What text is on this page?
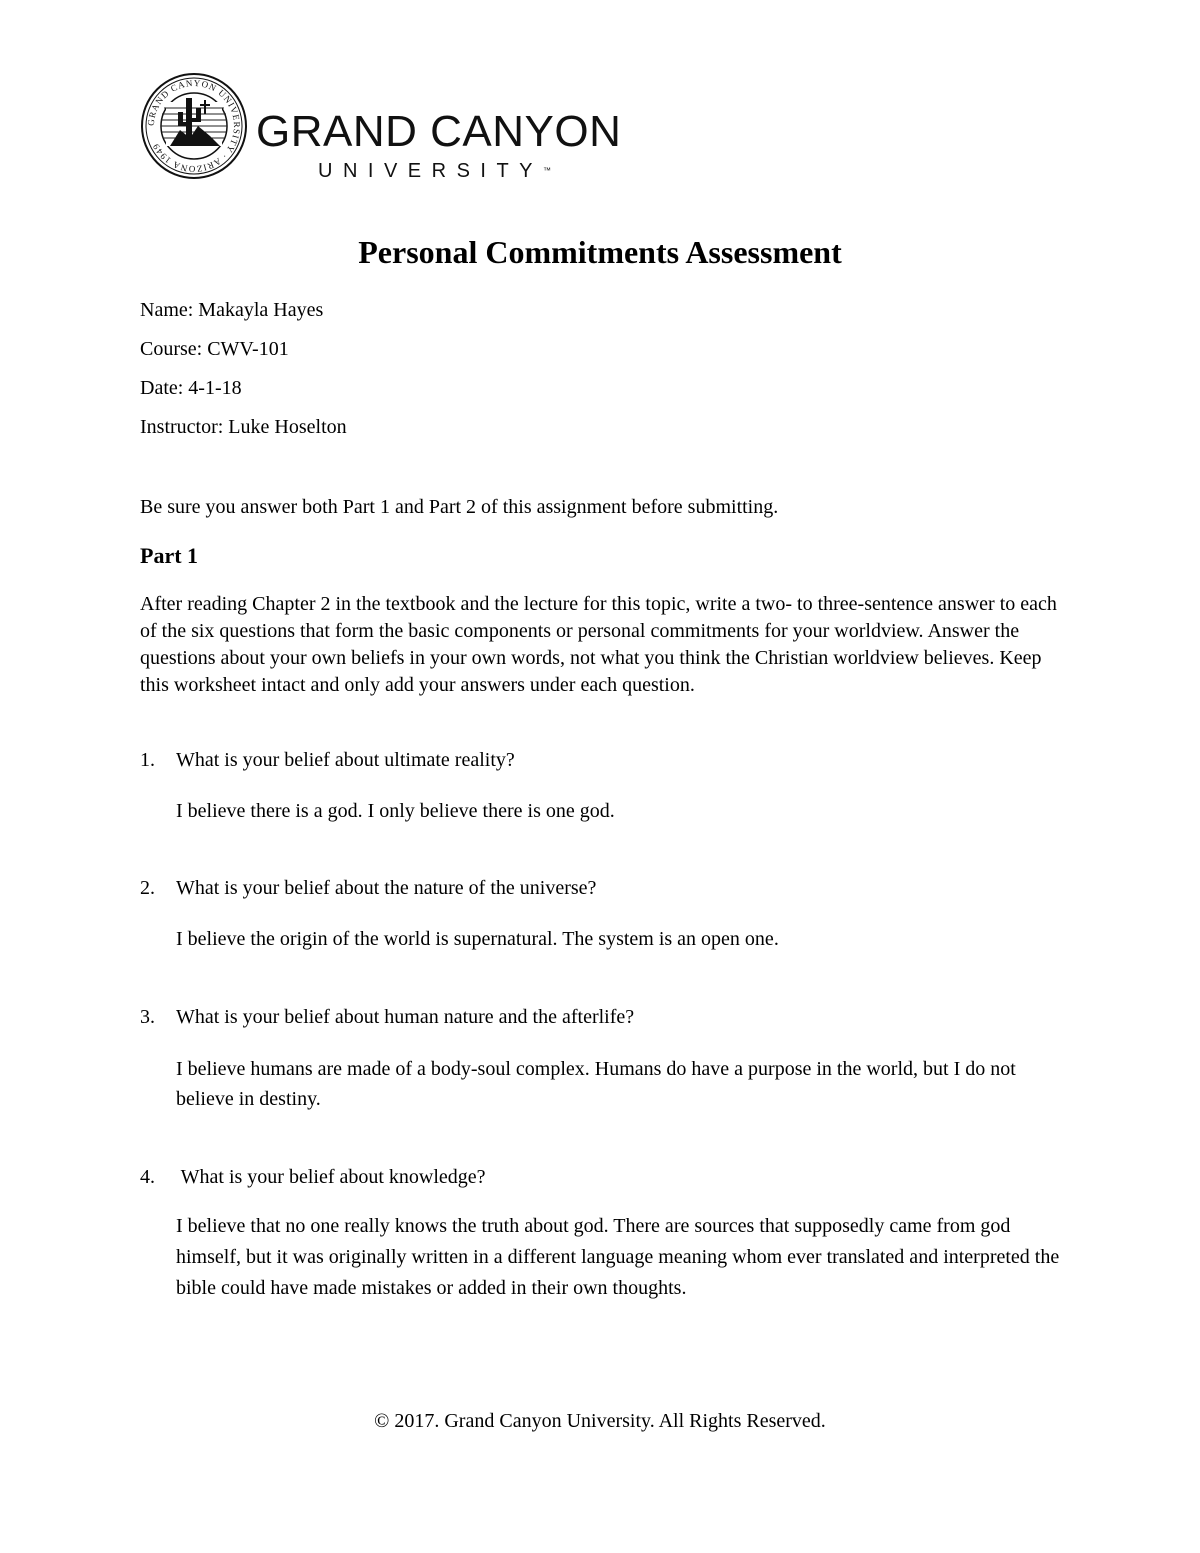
GRAND CANYON UNIVERSITY · ARIZONA 1949	GRAND CANYON
UNIVERSITY™
Personal Commitments Assessment
Name: Makayla Hayes
Course: CWV-101
Date: 4-1-18
Instructor: Luke Hoselton
Be sure you answer both Part 1 and Part 2 of this assignment before submitting.
Part 1
After reading Chapter 2 in the textbook and the lecture for this topic, write a two- to three-sentence answer to each of the six questions that form the basic components or personal commitments for your worldview. Answer the questions about your own beliefs in your own words, not what you think the Christian worldview believes. Keep this worksheet intact and only add your answers under each question.
1. What is your belief about ultimate reality?
I believe there is a god. I only believe there is one god.
2. What is your belief about the nature of the universe?
I believe the origin of the world is supernatural. The system is an open one.
3. What is your belief about human nature and the afterlife?
I believe humans are made of a body-soul complex. Humans do have a purpose in the world, but I do not believe in destiny.
4. What is your belief about knowledge?
I believe that no one really knows the truth about god. There are sources that supposedly came from god himself, but it was originally written in a different language meaning whom ever translated and interpreted the bible could have made mistakes or added in their own thoughts.
© 2017. Grand Canyon University. All Rights Reserved.
